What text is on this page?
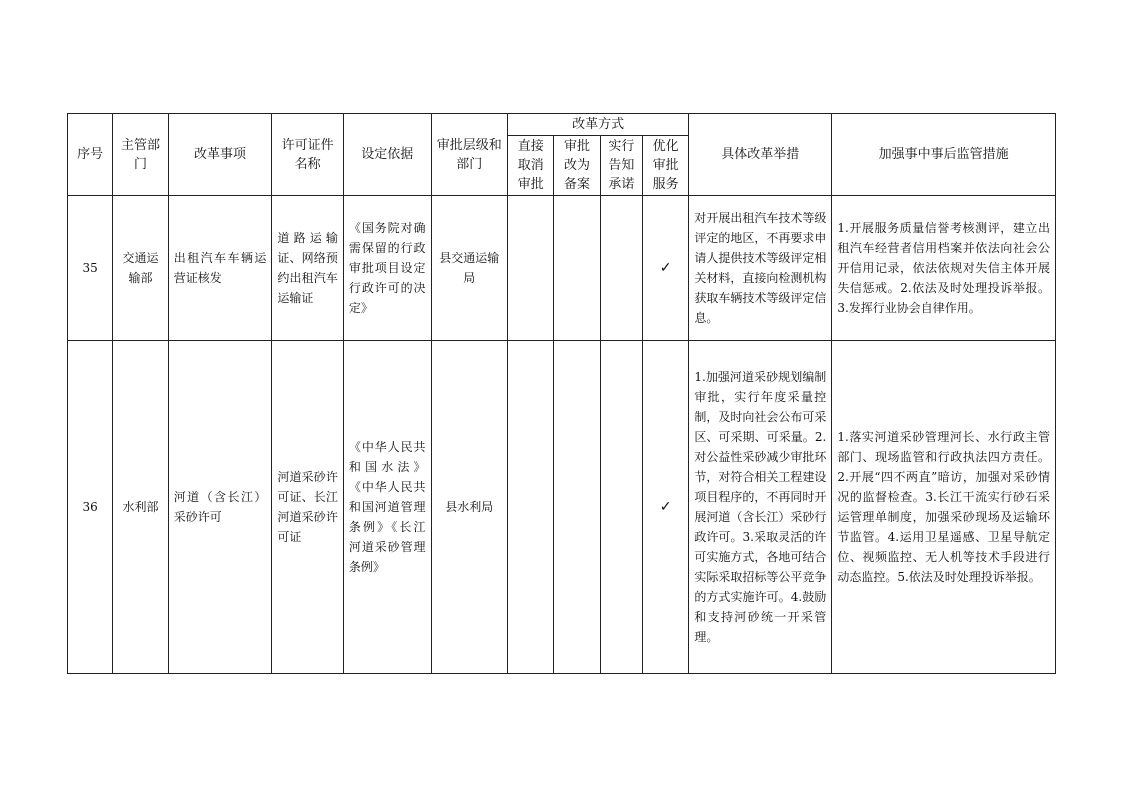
序号	主管部门	改革事项	许可证件名称	设定依据	审批层级和部门	改革方式				具体改革举措	加强事中事后监管措施
						直接取消审批	审批改为备案	实行告知承诺	优化审批服务		
35	交通运输部	出租汽车车辆运营证核发	道路运输证、网络预约出租汽车运输证	《国务院对确需保留的行政审批项目设定行政许可的决定》	县交通运输局				✓	对开展出租汽车技术等级评定的地区，不再要求申请人提供技术等级评定相关材料，直接向检测机构获取车辆技术等级评定信息。	1.开展服务质量信誉考核测评，建立出租汽车经营者信用档案并依法向社会公开信用记录，依法依规对失信主体开展失信惩戒。2.依法及时处理投诉举报。3.发挥行业协会自律作用。
36	水利部	河道（含长江）采砂许可	河道采砂许可证、长江河道采砂许可证	《中华人民共和国水法》《中华人民共和国河道管理条例》《长江河道采砂管理条例》	县水利局				✓	1.加强河道采砂规划编制审批，实行年度采量控制，及时向社会公布可采区、可采期、可采量。2.对公益性采砂减少审批环节，对符合相关工程建设项目程序的，不再同时开展河道（含长江）采砂行政许可。3.采取灵活的许可实施方式，各地可结合实际采取招标等公平竞争的方式实施许可。4.鼓励和支持河砂统一开采管理。	1.落实河道采砂管理河长、水行政主管部门、现场监管和行政执法四方责任。2.开展“四不两直”暗访，加强对采砂情况的监督检查。3.长江干流实行砂石采运管理单制度，加强采砂现场及运输环节监管。4.运用卫星遥感、卫星导航定位、视频监控、无人机等技术手段进行动态监控。5.依法及时处理投诉举报。
